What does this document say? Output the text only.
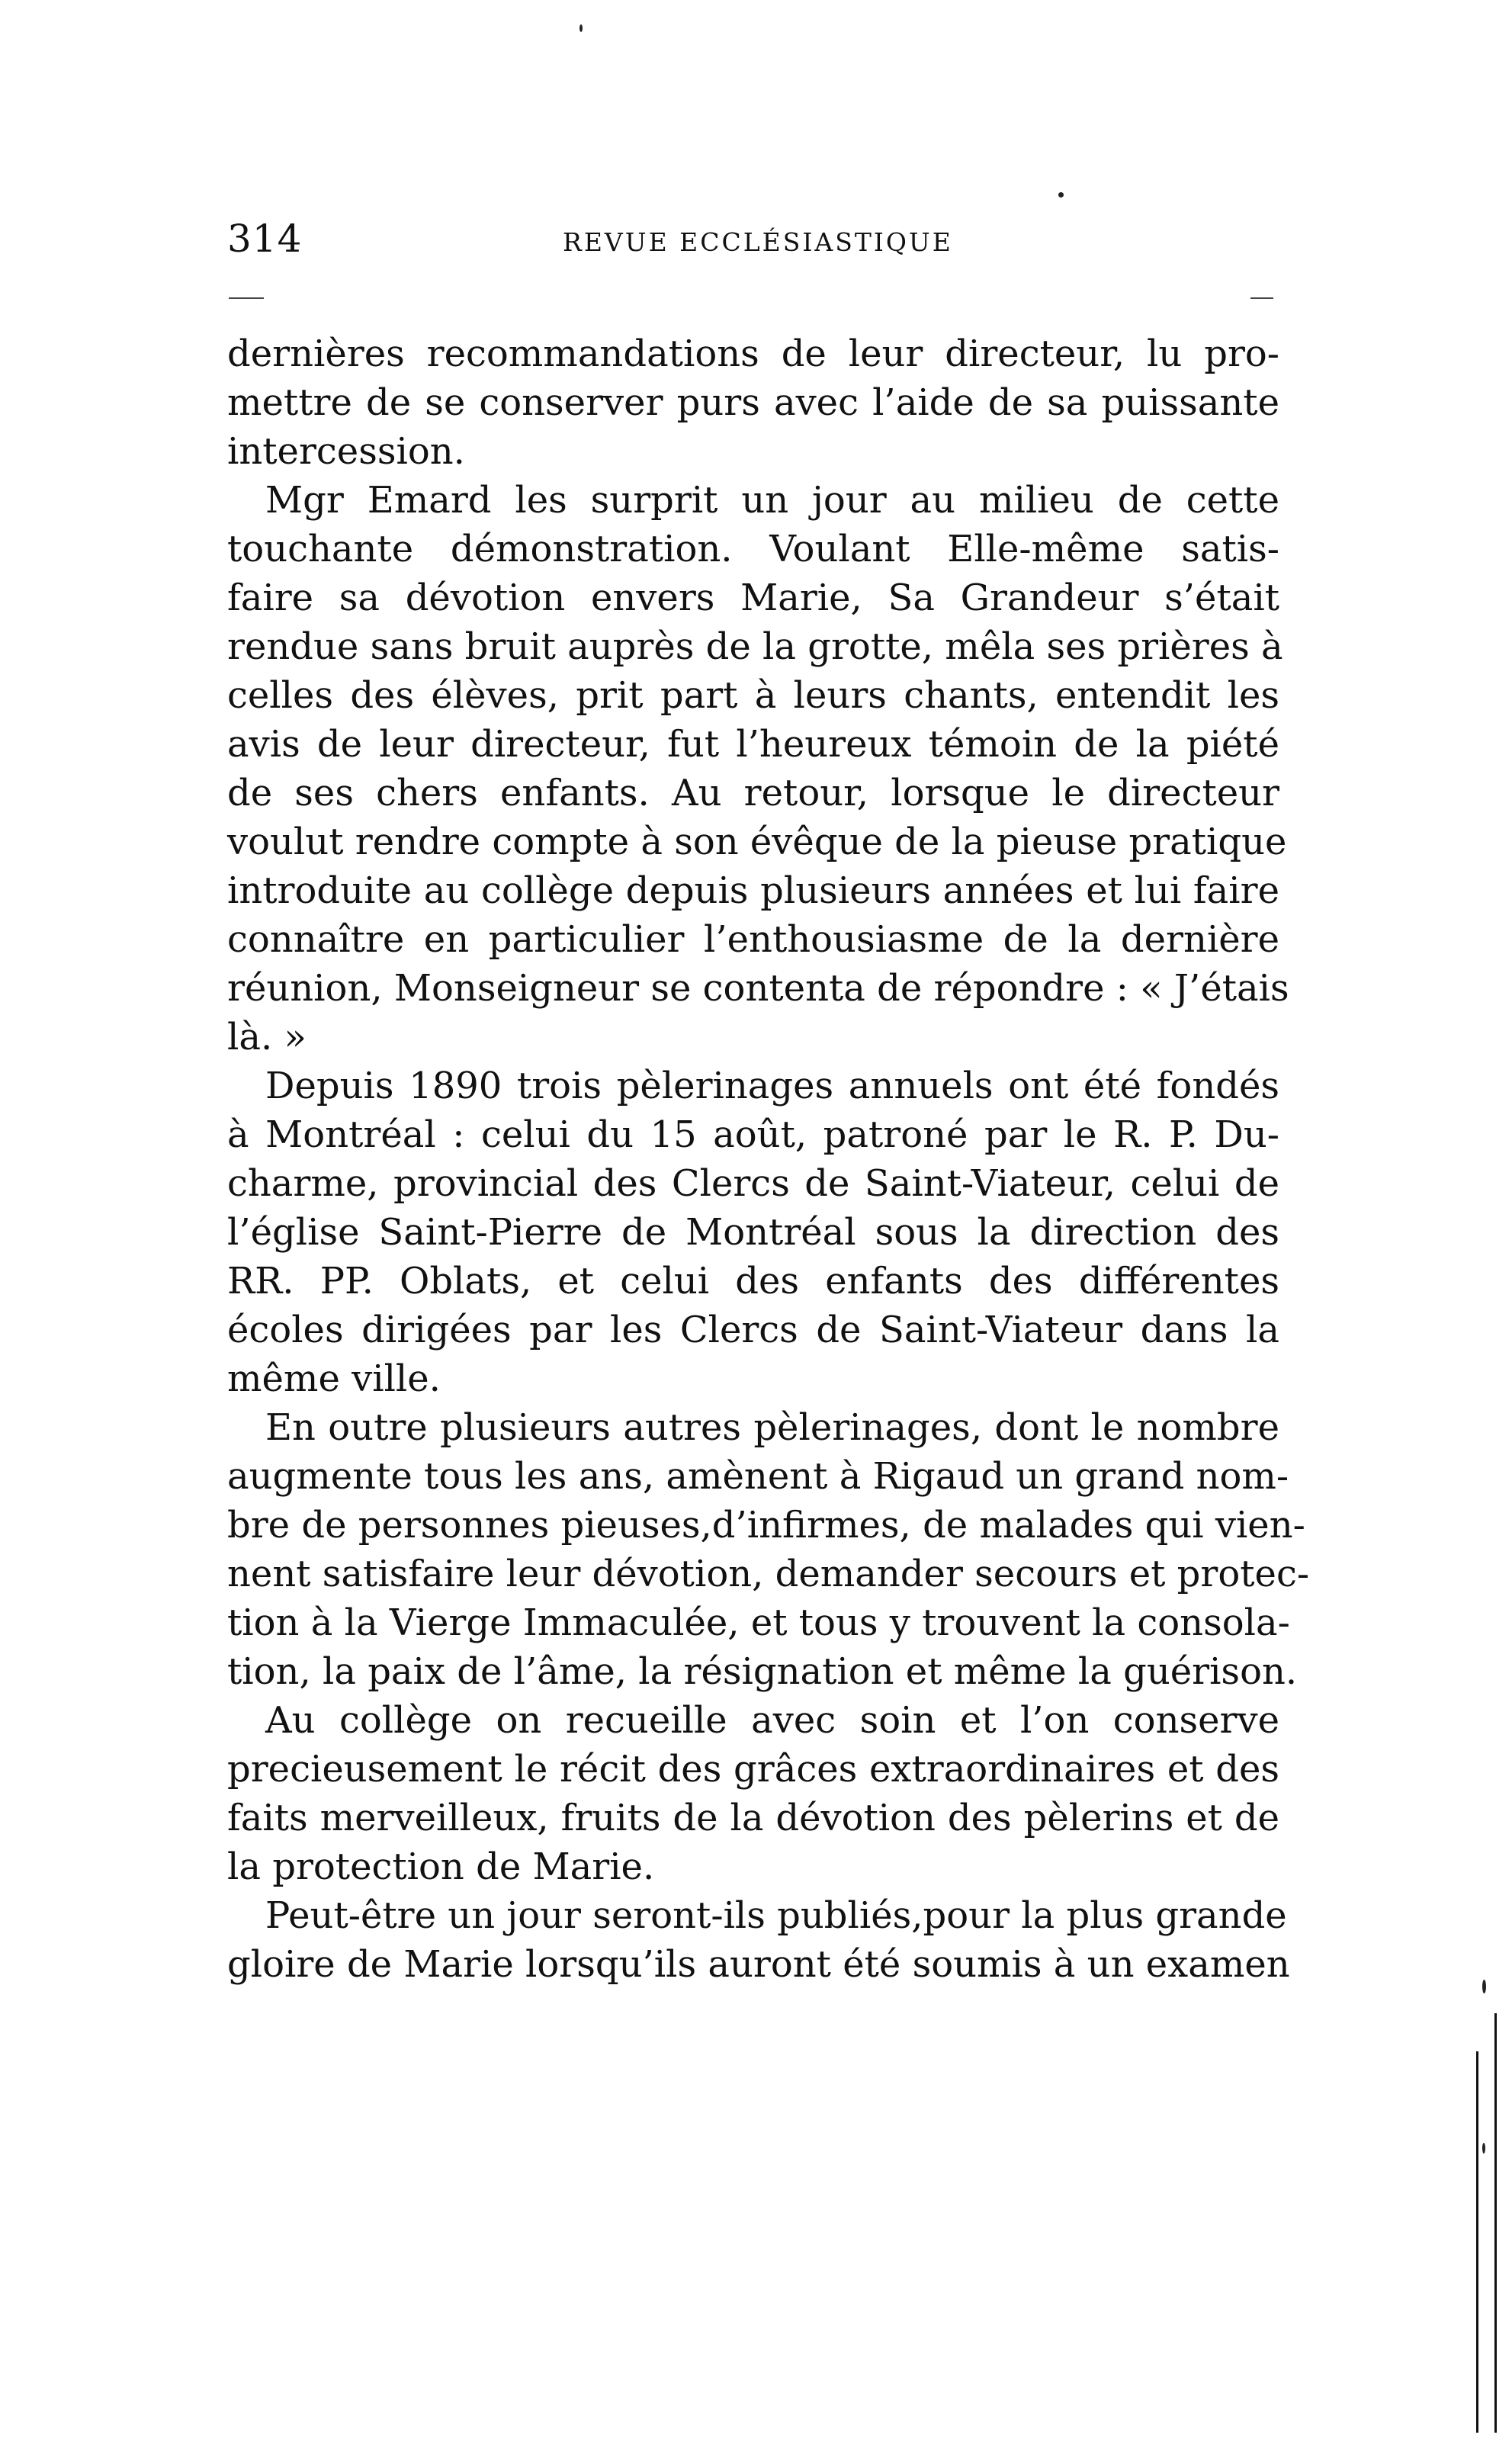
314	REVUE ECCLÉSIASTIQUE
dernières recommandations de leur directeur, lu pro-
mettre de se conserver purs avec l’aide de sa puissante
intercession.
Mgr Emard les surprit un jour au milieu de cette
touchante démonstration. Voulant Elle-même satis-
faire sa dévotion envers Marie, Sa Grandeur s’était
rendue sans bruit auprès de la grotte, mêla ses prières à
celles des élèves, prit part à leurs chants, entendit les
avis de leur directeur, fut l’heureux témoin de la piété
de ses chers enfants. Au retour, lorsque le directeur
voulut rendre compte à son évêque de la pieuse pratique
introduite au collège depuis plusieurs années et lui faire
connaître en particulier l’enthousiasme de la dernière
réunion, Monseigneur se contenta de répondre : « J’étais
là. »
Depuis 1890 trois pèlerinages annuels ont été fondés
à Montréal : celui du 15 août, patroné par le R. P. Du-
charme, provincial des Clercs de Saint-Viateur, celui de
l’église Saint-Pierre de Montréal sous la direction des
RR. PP. Oblats, et celui des enfants des différentes
écoles dirigées par les Clercs de Saint-Viateur dans la
même ville.
En outre plusieurs autres pèlerinages, dont le nombre
augmente tous les ans, amènent à Rigaud un grand nom-
bre de personnes pieuses,d’infirmes, de malades qui vien-
nent satisfaire leur dévotion, demander secours et protec-
tion à la Vierge Immaculée, et tous y trouvent la consola-
tion, la paix de l’âme, la résignation et même la guérison.
Au collège on recueille avec soin et l’on conserve
precieusement le récit des grâces extraordinaires et des
faits merveilleux, fruits de la dévotion des pèlerins et de
la protection de Marie.
Peut-être un jour seront-ils publiés,pour la plus grande
gloire de Marie lorsqu’ils auront été soumis à un examen
